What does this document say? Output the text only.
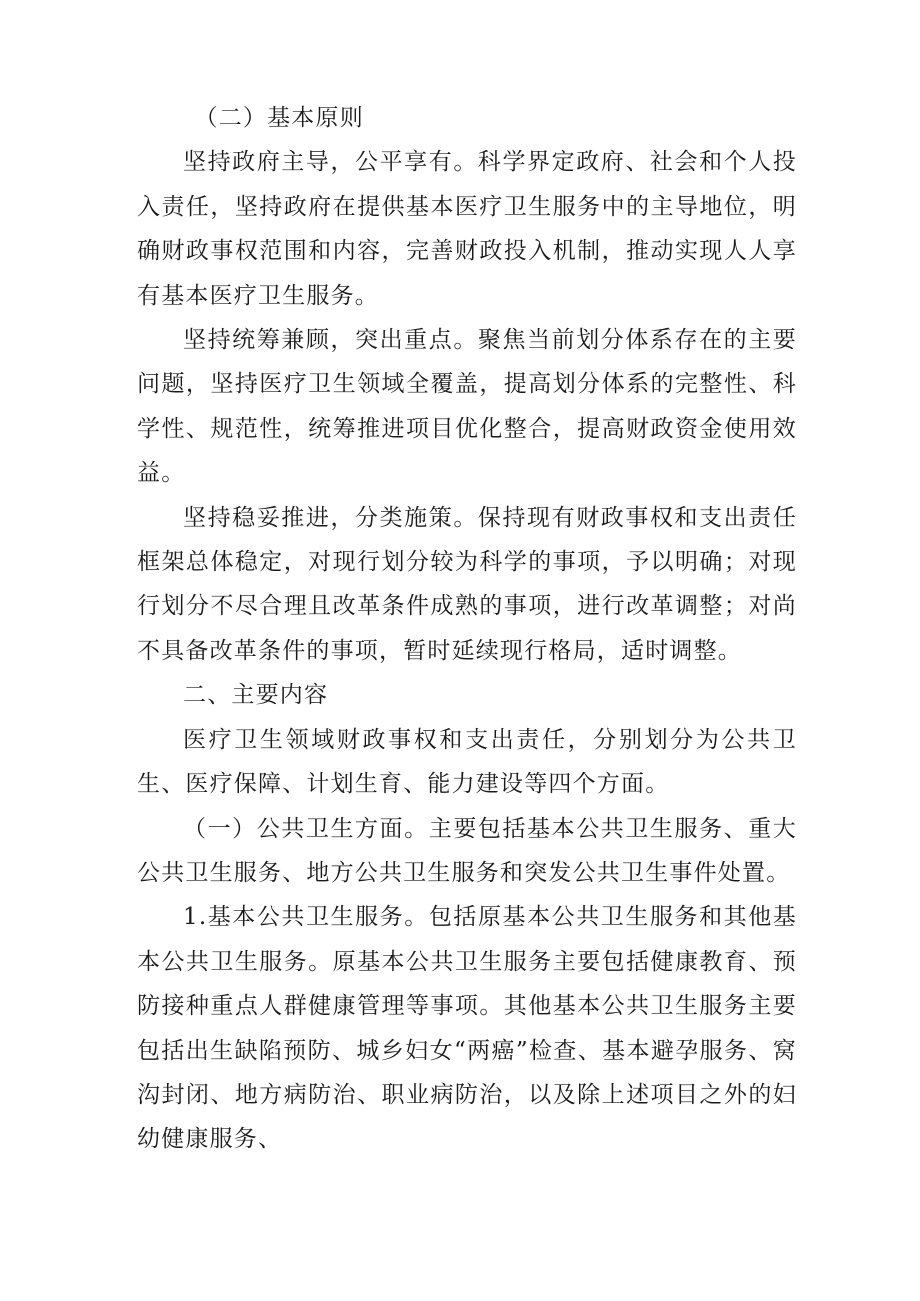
（二）基本原则

坚持政府主导，公平享有。科学界定政府、社会和个人投入责任，坚持政府在提供基本医疗卫生服务中的主导地位，明确财政事权范围和内容，完善财政投入机制，推动实现人人享有基本医疗卫生服务。

坚持统筹兼顾，突出重点。聚焦当前划分体系存在的主要问题，坚持医疗卫生领域全覆盖，提高划分体系的完整性、科学性、规范性，统筹推进项目优化整合，提高财政资金使用效益。

坚持稳妥推进，分类施策。保持现有财政事权和支出责任框架总体稳定，对现行划分较为科学的事项，予以明确；对现行划分不尽合理且改革条件成熟的事项，进行改革调整；对尚不具备改革条件的事项，暂时延续现行格局，适时调整。

二、主要内容

医疗卫生领域财政事权和支出责任，分别划分为公共卫生、医疗保障、计划生育、能力建设等四个方面。

（一）公共卫生方面。主要包括基本公共卫生服务、重大公共卫生服务、地方公共卫生服务和突发公共卫生事件处置。

1.基本公共卫生服务。包括原基本公共卫生服务和其他基本公共卫生服务。原基本公共卫生服务主要包括健康教育、预防接种重点人群健康管理等事项。其他基本公共卫生服务主要包括出生缺陷预防、城乡妇女“两癌”检查、基本避孕服务、窝沟封闭、地方病防治、职业病防治，以及除上述项目之外的妇幼健康服务、
